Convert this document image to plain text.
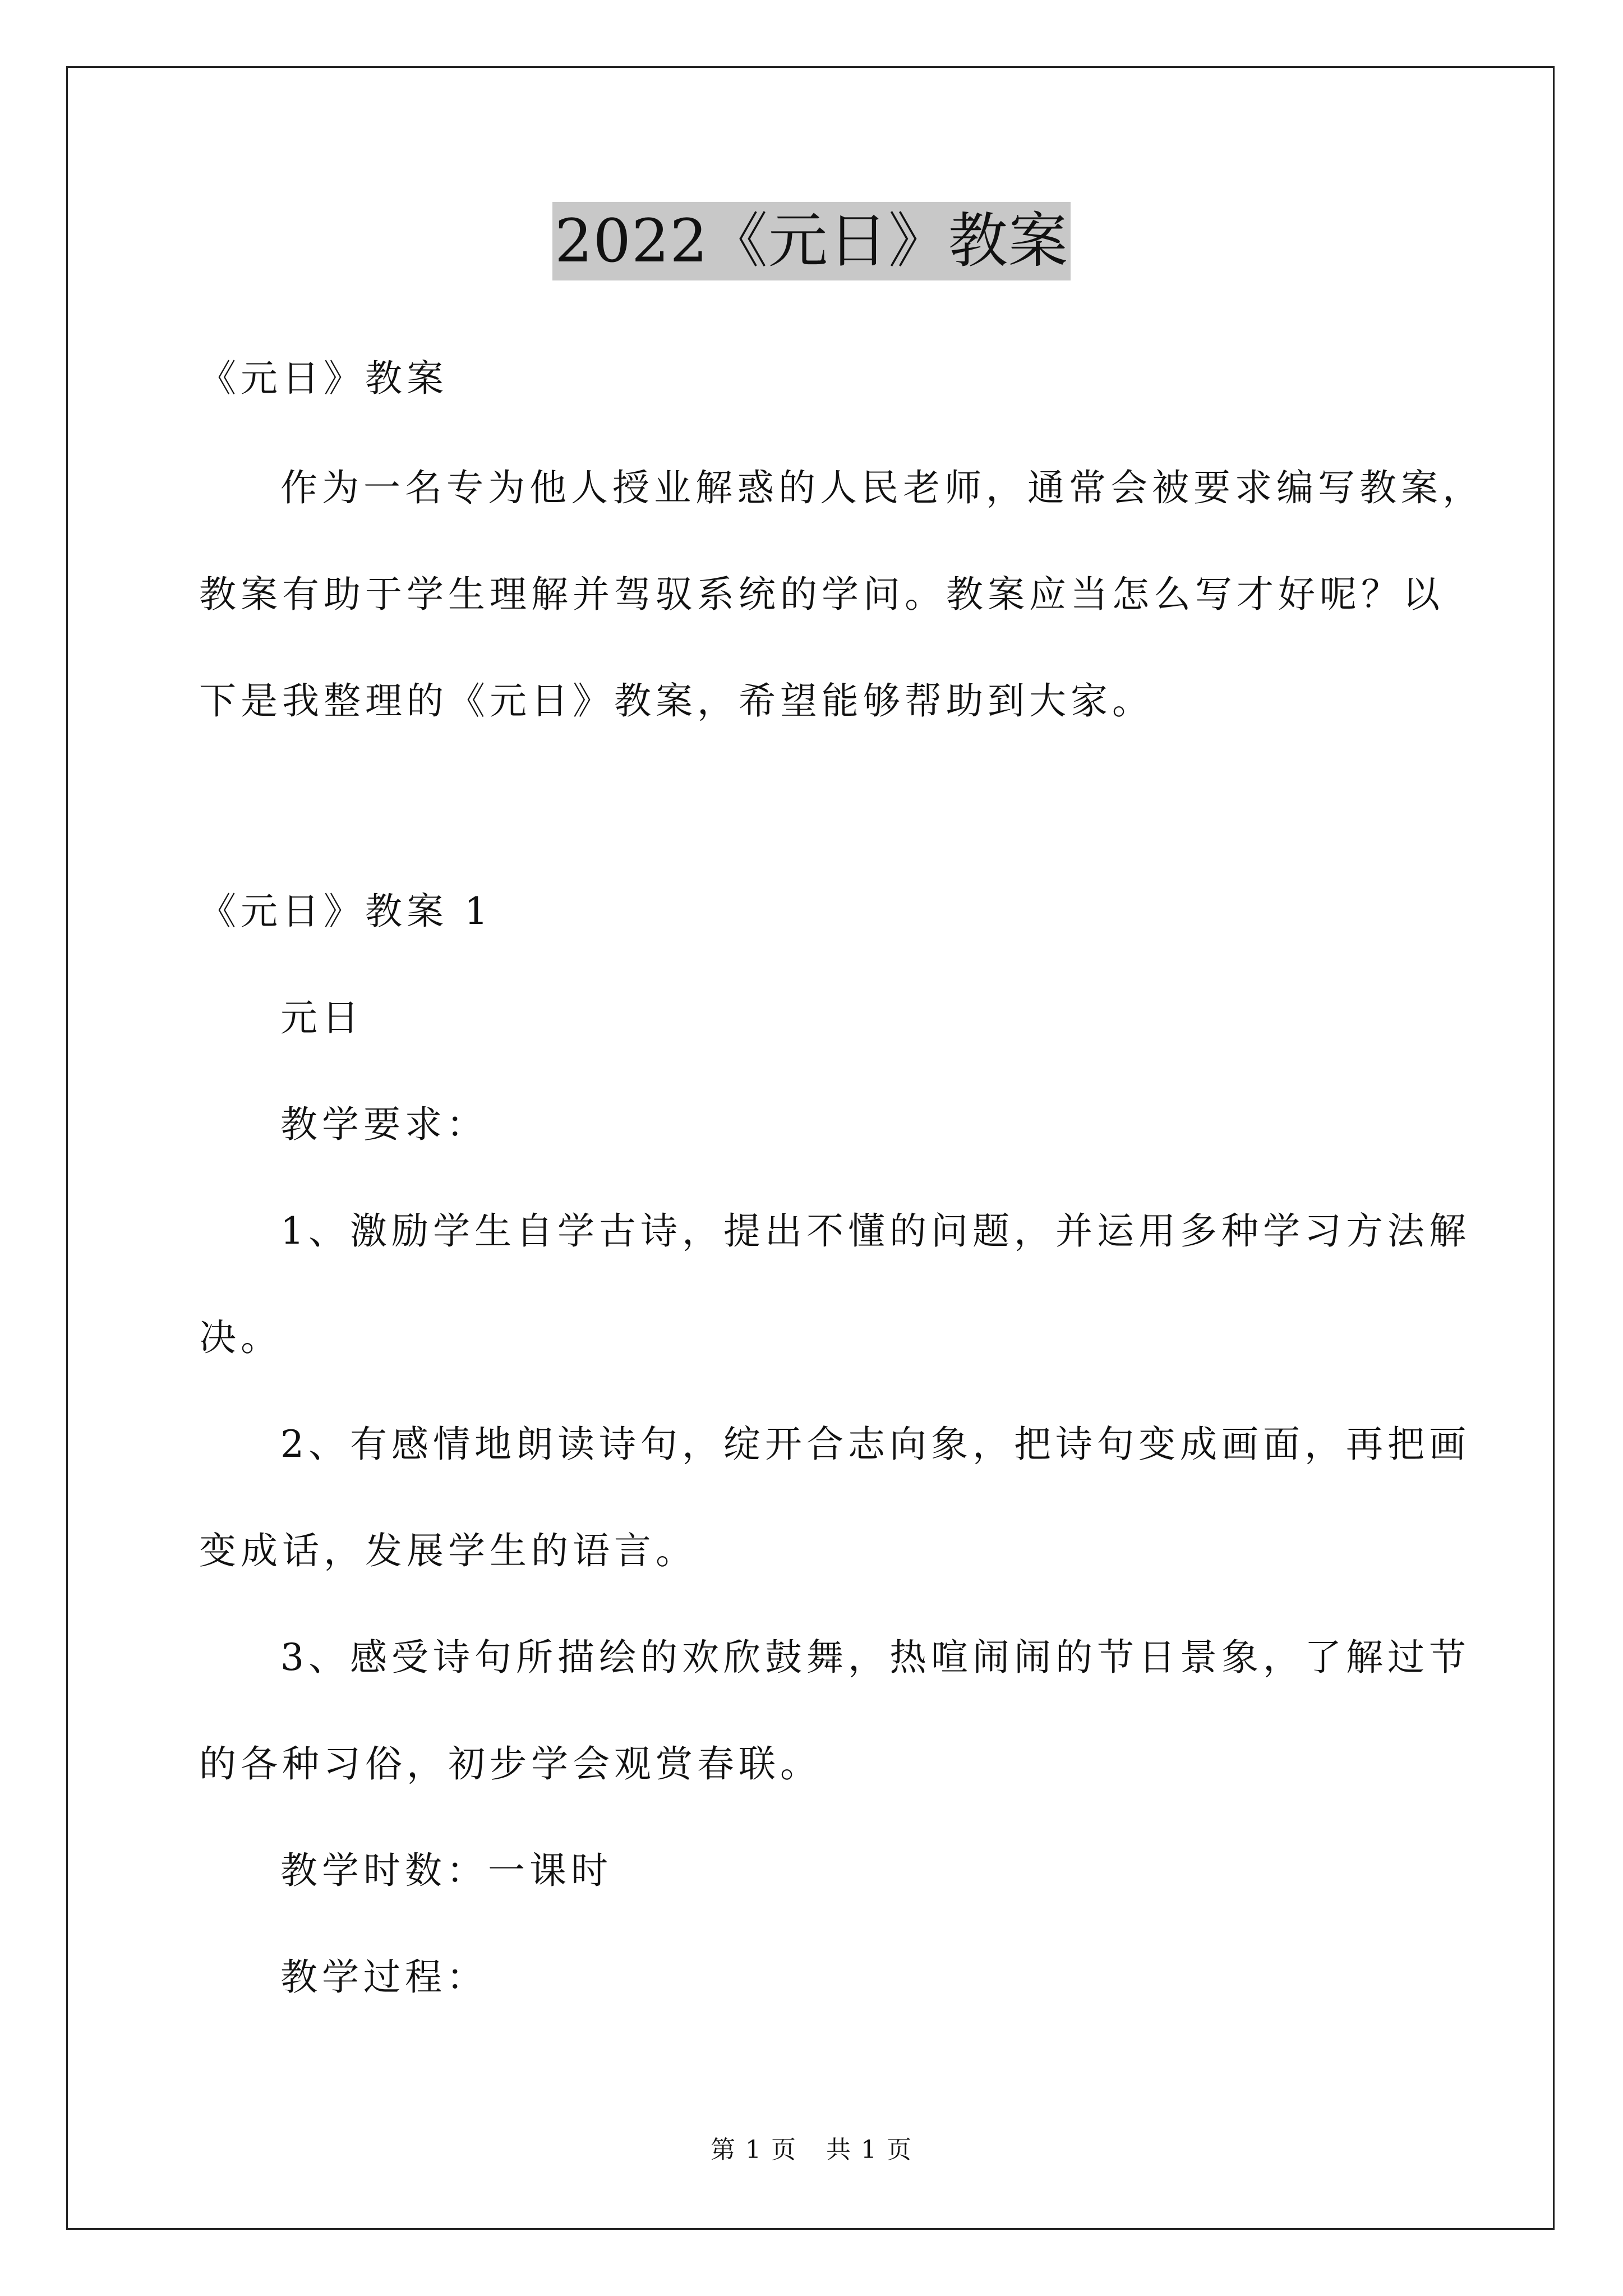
2022《元日》教案
《元日》教案
作为一名专为他人授业解惑的人民老师，通常会被要求编写教案，
教案有助于学生理解并驾驭系统的学问。教案应当怎么写才好呢？以
下是我整理的《元日》教案，希望能够帮助到大家。
《元日》教案 1
元日
教学要求：
1、激励学生自学古诗，提出不懂的问题，并运用多种学习方法解
决。
2、有感情地朗读诗句，绽开合志向象，把诗句变成画面，再把画
变成话，发展学生的语言。
3、感受诗句所描绘的欢欣鼓舞，热喧闹闹的节日景象，了解过节
的各种习俗，初步学会观赏春联。
教学时数：一课时
教学过程：
第 1 页 共 1 页
